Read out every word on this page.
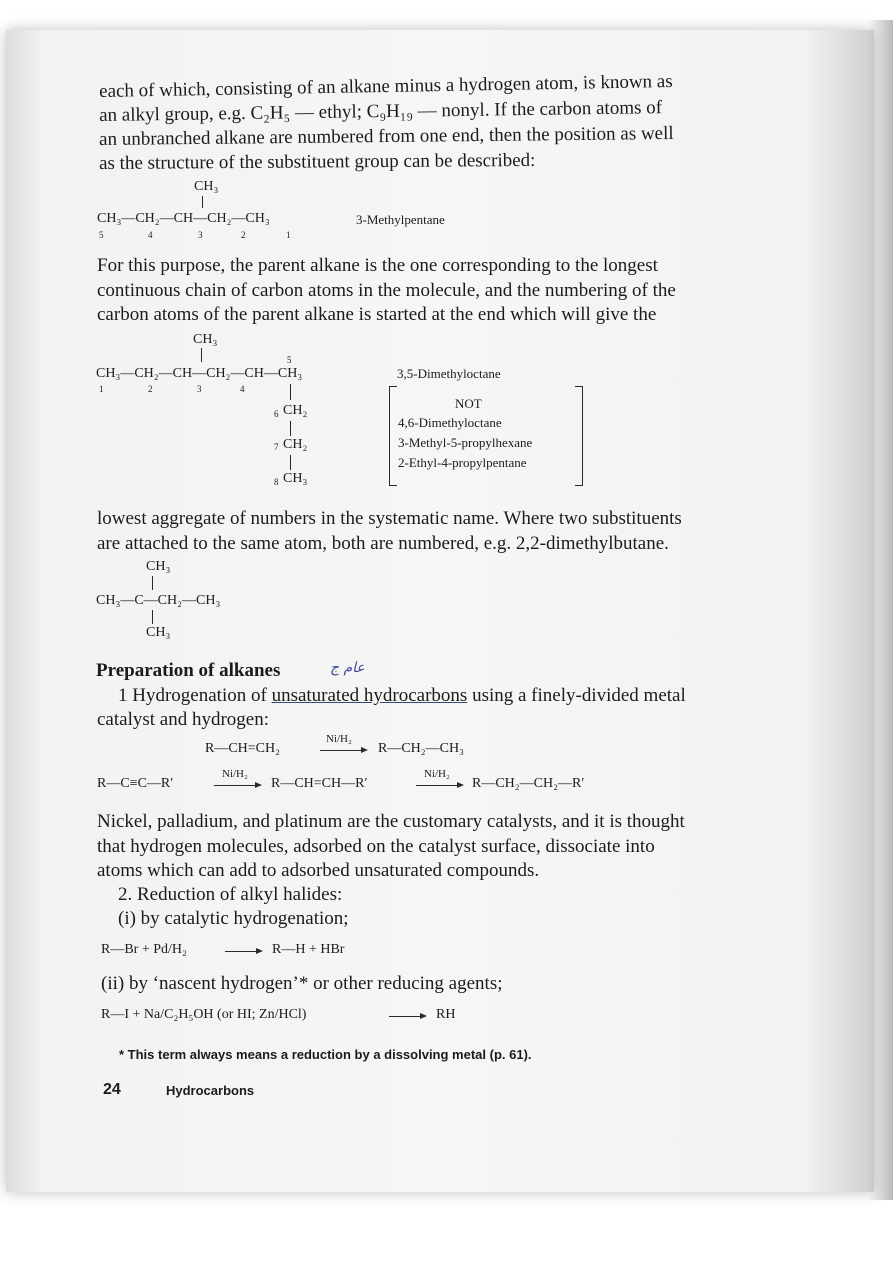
each of which, consisting of an alkane minus a hydrogen atom, is known as
an alkyl group, e.g. C₂H₅ — ethyl; C₉H₁₉ — nonyl. If the carbon atoms of
an unbranched alkane are numbered from one end, then the position as well
as the structure of the substituent group can be described:
CH₃
CH₃—CH₂—CH—CH₂—CH₃
5	4	3	2	1
3-Methylpentane
For this purpose, the parent alkane is the one corresponding to the longest
continuous chain of carbon atoms in the molecule, and the numbering of the
carbon atoms of the parent alkane is started at the end which will give the
CH₃
5
CH₃—CH₂—CH—CH₂—CH—CH₃
1	2	3	4
6 CH₂
7 CH₂
8 CH₃
3,5-Dimethyloctane
NOT
4,6-Dimethyloctane
3-Methyl-5-propylhexane
2-Ethyl-4-propylpentane
lowest aggregate of numbers in the systematic name. Where two substituents
are attached to the same atom, both are numbered, e.g. 2,2-dimethylbutane.
CH₃
CH₃—C—CH₂—CH₃
CH₃
Preparation of alkanes	عام ج
1 Hydrogenation of unsaturated hydrocarbons using a finely-divided metal
catalyst and hydrogen:
R—CH=CH₂
Ni/H₂
→ R—CH₂—CH₃
R—C≡C—R′
Ni/H₂
→ R—CH=CH—R′
Ni/H₂
→ R—CH₂—CH₂—R′
Nickel, palladium, and platinum are the customary catalysts, and it is thought
that hydrogen molecules, adsorbed on the catalyst surface, dissociate into
atoms which can add to adsorbed unsaturated compounds.
2. Reduction of alkyl halides:
(i) by catalytic hydrogenation;
R—Br + Pd/H₂ → R—H + HBr
(ii) by ‘nascent hydrogen’* or other reducing agents;
R—I + Na/C₂H₅OH (or HI; Zn/HCl)	→ RH
* This term always means a reduction by a dissolving metal (p. 61).
24	Hydrocarbons
